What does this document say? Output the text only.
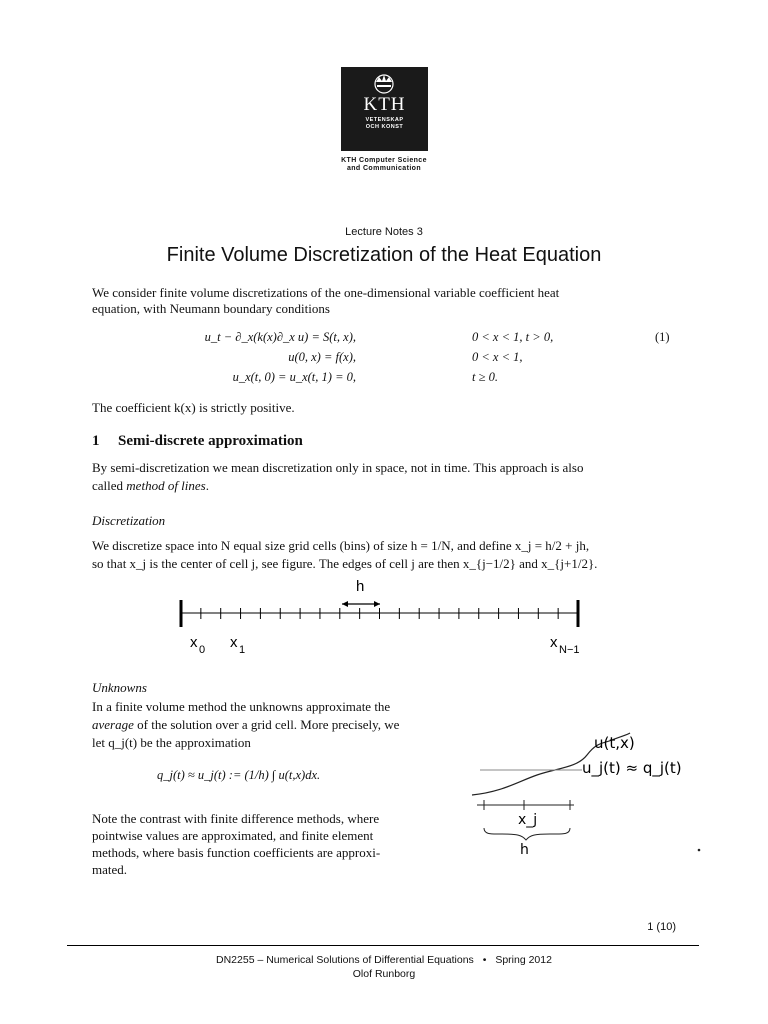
KTH
VETENSKAP
OCH KONST
KTH Computer Science
and Communication
Lecture Notes 3
Finite Volume Discretization of the Heat Equation
We consider finite volume discretizations of the one-dimensional variable coefficient heat
equation, with Neumann boundary conditions
u_t − ∂_x(k(x)∂_x u) = S(t, x),	0 < x < 1, t > 0,	(1)
u(0, x) = f(x),	0 < x < 1,
u_x(t, 0) = u_x(t, 1) = 0,	t ≥ 0.
The coefficient k(x) is strictly positive.
1 Semi-discrete approximation
By semi-discretization we mean discretization only in space, not in time. This approach is also
called method of lines.
Discretization
We discretize space into N equal size grid cells (bins) of size h = 1/N, and define x_j = h/2 + jh,
so that x_j is the center of cell j, see figure. The edges of cell j are then x_{j−1/2} and x_{j+1/2}.
h
x 0 x 1	x N−1
Unknowns
In a finite volume method the unknowns approximate the
average of the solution over a grid cell. More precisely, we
let q_j(t) be the approximation
q_j(t) ≈ u_j(t) := (1/h) ∫ u(t,x)dx.
Note the contrast with finite difference methods, where
pointwise values are approximated, and finite element
methods, where basis function coefficients are approxi-
mated.
u(t,x)
u_j(t) ≈ q_j(t)
x_j
h
1 (10)
DN2255 – Numerical Solutions of Differential Equations • Spring 2012
Olof Runborg
